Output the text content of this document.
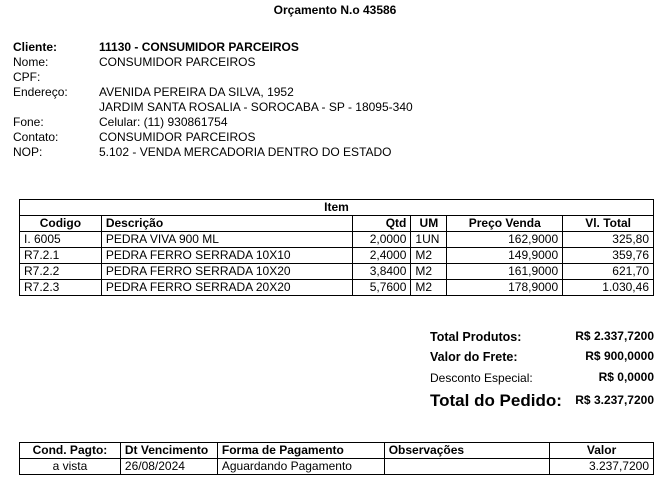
Orçamento N.o 43586
Cliente:	11130 - CONSUMIDOR PARCEIROS
Nome:	CONSUMIDOR PARCEIROS
CPF:
Endereço:	AVENIDA PEREIRA DA SILVA, 1952
JARDIM SANTA ROSALIA - SOROCABA - SP - 18095-340
Fone:	Celular: (11) 930861754
Contato:	CONSUMIDOR PARCEIROS
NOP:	5.102 - VENDA MERCADORIA DENTRO DO ESTADO
Item					
Codigo	Descrição	Qtd	UM	Preço Venda	Vl. Total
I. 6005	PEDRA VIVA 900 ML	2,0000	1UN	162,9000	325,80
R7.2.1	PEDRA FERRO SERRADA 10X10	2,4000	M2	149,9000	359,76
R7.2.2	PEDRA FERRO SERRADA 10X20	3,8400	M2	161,9000	621,70
R7.2.3	PEDRA FERRO SERRADA 20X20	5,7600	M2	178,9000	1.030,46
Total Produtos:	R$ 2.337,7200
Valor do Frete:	R$ 900,0000
Desconto Especial:	R$ 0,0000
Total do Pedido: R$ 3.237,7200
Cond. Pagto:	Dt Vencimento	Forma de Pagamento	Observações	Valor
a vista	26/08/2024	Aguardando Pagamento		3.237,7200
